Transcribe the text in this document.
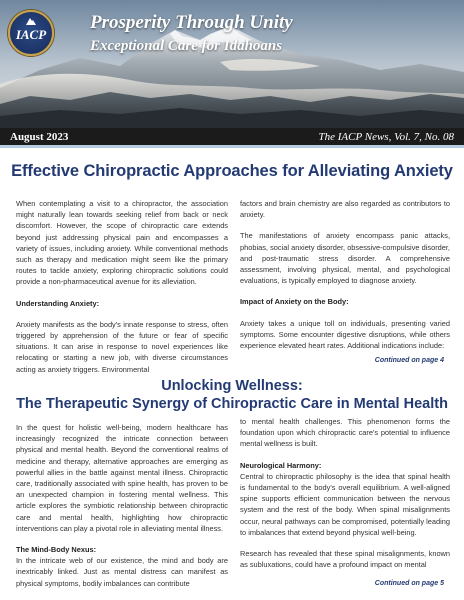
IACP
Prosperity Through Unity
Exceptional Care for Idahoans
August 2023	The IACP News, Vol. 7, No. 08
Effective Chiropractic Approaches for Alleviating Anxiety

When contemplating a visit to a chiropractor, the association might naturally lean towards seeking relief from back or neck discomfort. However, the scope of chiropractic care extends beyond just addressing physical pain and encompasses a variety of issues, including anxiety. While conventional methods such as therapy and medication might seem like the primary routes to tackle anxiety, exploring chiropractic solutions could provide a non-pharmaceutical avenue for its alleviation.

Understanding Anxiety:

Anxiety manifests as the body's innate response to stress, often triggered by apprehension of the future or fear of specific situations. It can arise in response to novel experiences like relocating or starting a new job, with diverse circumstances acting as anxiety triggers. Environmental

factors and brain chemistry are also regarded as contributors to anxiety.

The manifestations of anxiety encompass panic attacks, phobias, social anxiety disorder, obsessive-compulsive disorder, and post-traumatic stress disorder. A comprehensive assessment, involving physical, mental, and psychological evaluations, is typically employed to diagnose anxiety.

Impact of Anxiety on the Body:

Anxiety takes a unique toll on individuals, presenting varied symptoms. Some encounter digestive disruptions, while others experience elevated heart rates. Additional indications include:

Continued on page 4
Unlocking Wellness:
The Therapeutic Synergy of Chiropractic Care in Mental Health

In the quest for holistic well-being, modern healthcare has increasingly recognized the intricate connection between physical and mental health. Beyond the conventional realms of medicine and therapy, alternative approaches are emerging as powerful allies in the battle against mental illness. Chiropractic care, traditionally associated with spine health, has proven to be an unexpected champion in fostering mental wellness. This article explores the symbiotic relationship between chiropractic care and mental health, highlighting how chiropractic interventions can play a pivotal role in alleviating mental illness.

The Mind-Body Nexus:

In the intricate web of our existence, the mind and body are inextricably linked. Just as mental distress can manifest as physical symptoms, bodily imbalances can contribute

to mental health challenges. This phenomenon forms the foundation upon which chiropractic care's potential to influence mental wellness is built.

Neurological Harmony:

Central to chiropractic philosophy is the idea that spinal health is fundamental to the body's overall equilibrium. A well-aligned spine supports efficient communication between the nervous system and the rest of the body. When spinal misalignments occur, neural pathways can be compromised, potentially leading to imbalances that extend beyond physical well-being.

Research has revealed that these spinal misalignments, known as subluxations, could have a profound impact on mental

Continued on page 5
